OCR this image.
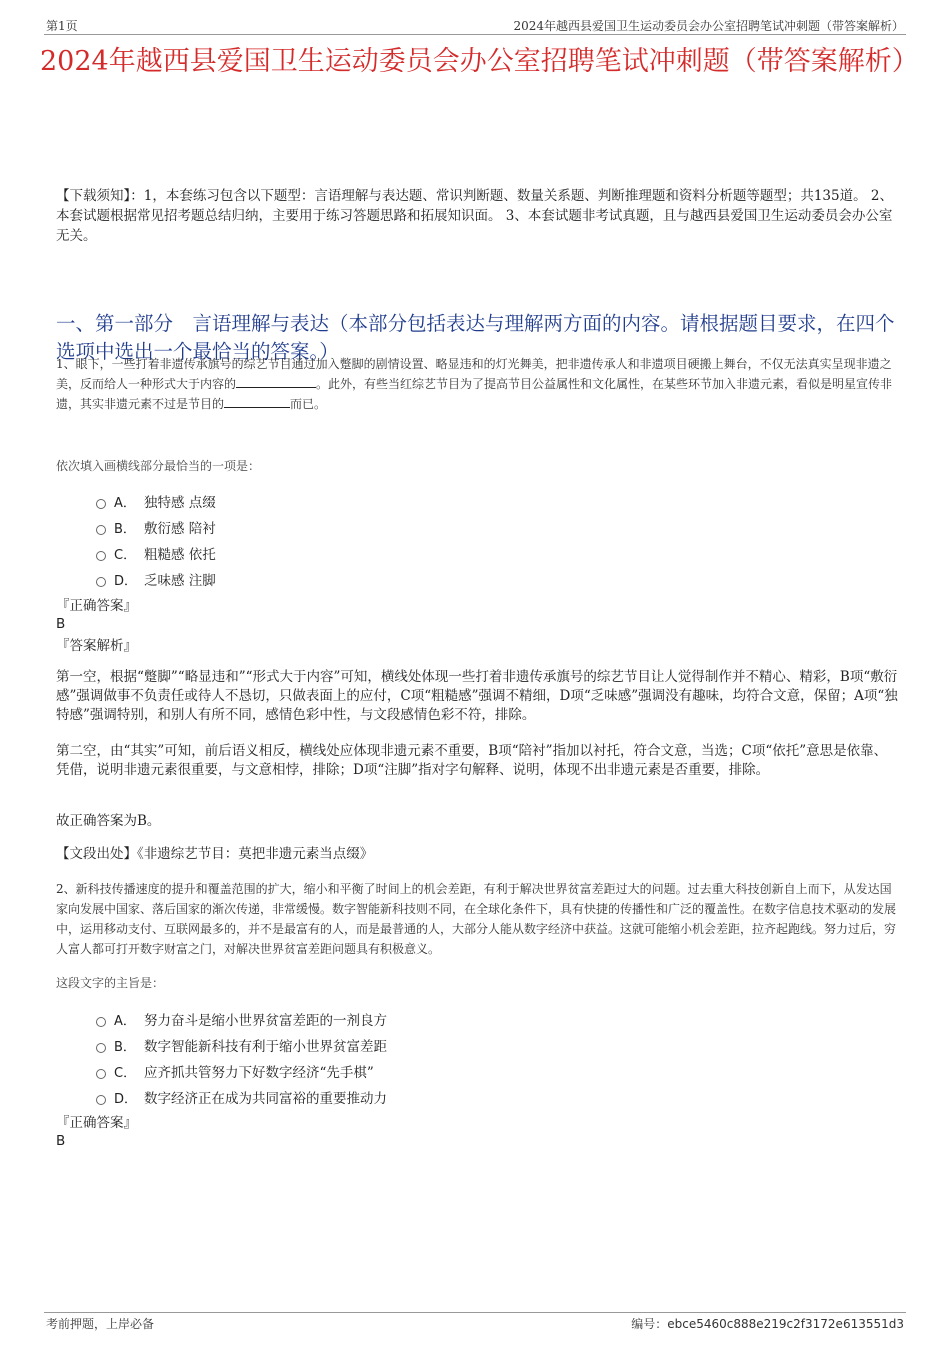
第1页	2024年越西县爱国卫生运动委员会办公室招聘笔试冲刺题（带答案解析）
2024年越西县爱国卫生运动委员会办公室招聘笔试冲刺题（带答案解析）
【下载须知】：1，本套练习包含以下题型：言语理解与表达题、常识判断题、数量关系题、判断推理题和资料分析题等题型；共135道。 2、本套试题根据常见招考题总结归纳，主要用于练习答题思路和拓展知识面。 3、本套试题非考试真题，且与越西县爱国卫生运动委员会办公室无关。
一、第一部分　言语理解与表达（本部分包括表达与理解两方面的内容。请根据题目要求，在四个选项中选出一个最恰当的答案。）
1、眼下，一些打着非遗传承旗号的综艺节目通过加入蹩脚的剧情设置、略显违和的灯光舞美，把非遗传承人和非遗项目硬搬上舞台，不仅无法真实呈现非遗之美，反而给人一种形式大于内容的	。此外，有些当红综艺节目为了提高节目公益属性和文化属性，在某些环节加入非遗元素，看似是明星宣传非遗，其实非遗元素不过是节目的	而已。
依次填入画横线部分最恰当的一项是：
A． 独特感 点缀
B． 敷衍感 陪衬
C． 粗糙感 依托
D． 乏味感 注脚
『正确答案』
B
『答案解析』
第一空，根据“蹩脚”“略显违和”“形式大于内容”可知，横线处体现一些打着非遗传承旗号的综艺节目让人觉得制作并不精心、精彩，B项“敷衍感”强调做事不负责任或待人不恳切，只做表面上的应付，C项“粗糙感”强调不精细，D项“乏味感”强调没有趣味，均符合文意，保留；A项“独特感”强调特别，和别人有所不同，感情色彩中性，与文段感情色彩不符，排除。
第二空，由“其实”可知，前后语义相反，横线处应体现非遗元素不重要，B项“陪衬”指加以衬托，符合文意，当选；C项“依托”意思是依靠、凭借，说明非遗元素很重要，与文意相悖，排除；D项“注脚”指对字句解释、说明，体现不出非遗元素是否重要，排除。
故正确答案为B。
【文段出处】《非遗综艺节目：莫把非遗元素当点缀》
2、新科技传播速度的提升和覆盖范围的扩大，缩小和平衡了时间上的机会差距，有利于解决世界贫富差距过大的问题。过去重大科技创新自上而下，从发达国家向发展中国家、落后国家的渐次传递，非常缓慢。数字智能新科技则不同，在全球化条件下，具有快捷的传播性和广泛的覆盖性。在数字信息技术驱动的发展中，运用移动支付、互联网最多的，并不是最富有的人，而是最普通的人，大部分人能从数字经济中获益。这就可能缩小机会差距，拉齐起跑线。努力过后，穷人富人都可打开数字财富之门，对解决世界贫富差距问题具有积极意义。
这段文字的主旨是：
A． 努力奋斗是缩小世界贫富差距的一剂良方
B． 数字智能新科技有利于缩小世界贫富差距
C． 应齐抓共管努力下好数字经济“先手棋”
D． 数字经济正在成为共同富裕的重要推动力
『正确答案』
B
考前押题，上岸必备	编号：ebce5460c888e219c2f3172e613551d3
